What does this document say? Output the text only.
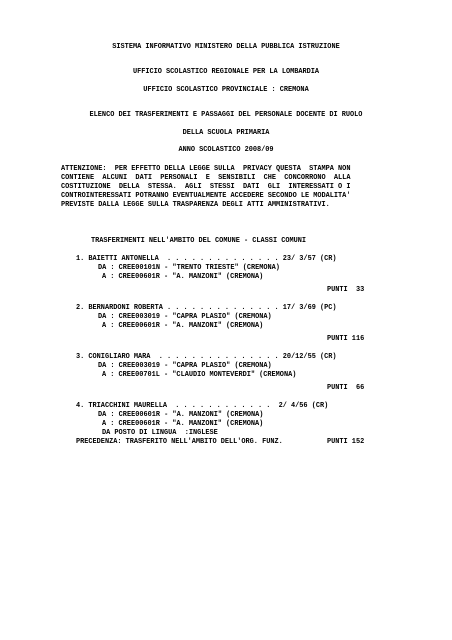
SISTEMA INFORMATIVO MINISTERO DELLA PUBBLICA ISTRUZIONE
UFFICIO SCOLASTICO REGIONALE PER LA LOMBARDIA
UFFICIO SCOLASTICO PROVINCIALE : CREMONA
ELENCO DEI TRASFERIMENTI E PASSAGGI DEL PERSONALE DOCENTE DI RUOLO
DELLA SCUOLA PRIMARIA
ANNO SCOLASTICO 2008/09
ATTENZIONE:  PER EFFETTO DELLA LEGGE SULLA  PRIVACY QUESTA  STAMPA NON
CONTIENE  ALCUNI  DATI  PERSONALI  E  SENSIBILI  CHE  CONCORRONO  ALLA
COSTITUZIONE  DELLA  STESSA.  AGLI  STESSI  DATI  GLI  INTERESSATI O I
CONTROINTERESSATI POTRANNO EVENTUALMENTE ACCEDERE SECONDO LE MODALITA'
PREVISTE DALLA LEGGE SULLA TRASPARENZA DEGLI ATTI AMMINISTRATIVI.
TRASFERIMENTI NELL'AMBITO DEL COMUNE - CLASSI COMUNI
1. BAIETTI ANTONELLA  . . . . . . . . . . . . . . 23/ 3/57 (CR)
DA : CREE00101N - "TRENTO TRIESTE" (CREMONA)
A : CREE00601R - "A. MANZONI" (CREMONA)
PUNTI  33
2. BERNARDONI ROBERTA . . . . . . . . . . . . . . 17/ 3/69 (PC)
DA : CREE003019 - "CAPRA PLASIO" (CREMONA)
A : CREE00601R - "A. MANZONI" (CREMONA)
PUNTI 116
3. CONIGLIARO MARA  . . . . . . . . . . . . . . . 20/12/55 (CR)
DA : CREE003019 - "CAPRA PLASIO" (CREMONA)
A : CREE00701L - "CLAUDIO MONTEVERDI" (CREMONA)
PUNTI  66
4. TRIACCHINI MAURELLA  . . . . . . . . . . . .  2/ 4/56 (CR)
DA : CREE00601R - "A. MANZONI" (CREMONA)
A : CREE00601R - "A. MANZONI" (CREMONA)
DA POSTO DI LINGUA  :INGLESE
PRECEDENZA: TRASFERITO NELL'AMBITO DELL'ORG. FUNZ.	PUNTI 152
